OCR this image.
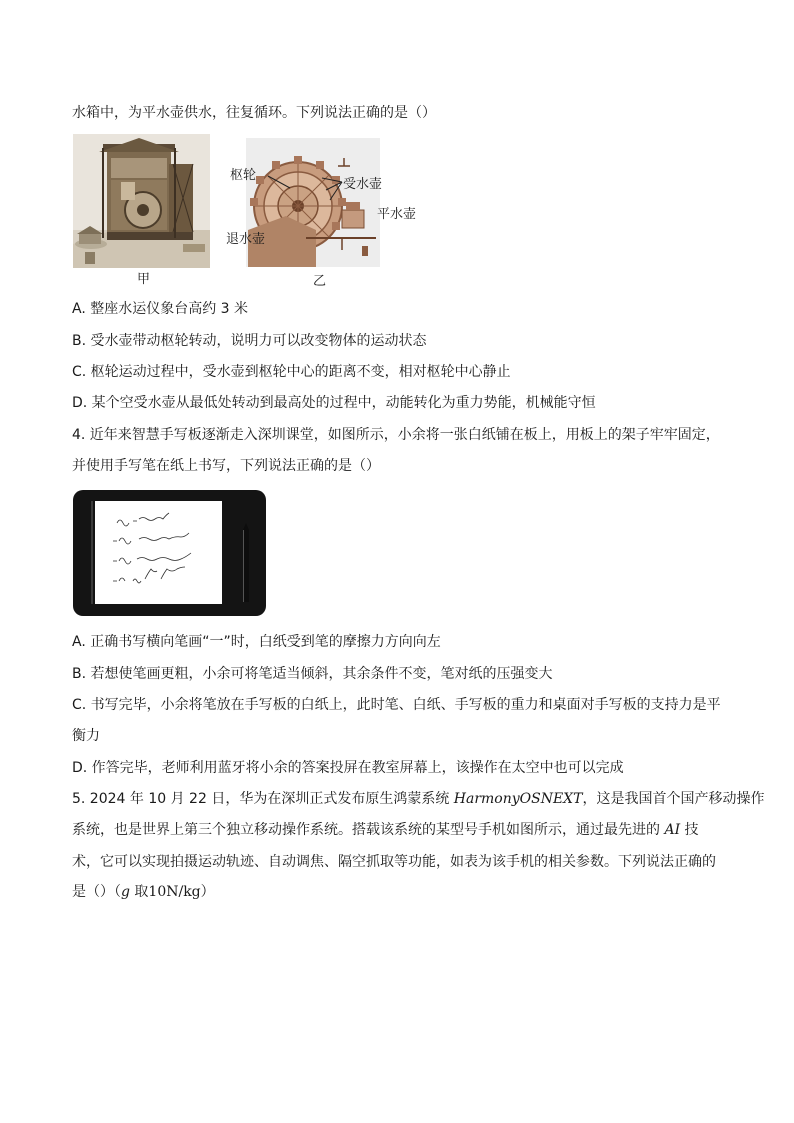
水箱中，为平水壶供水，往复循环。下列说法正确的是（）
甲
枢轮
受水壶
平水壶
退水壶
乙
A. 整座水运仪象台高约 3 米
B. 受水壶带动枢轮转动，说明力可以改变物体的运动状态
C. 枢轮运动过程中，受水壶到枢轮中心的距离不变，相对枢轮中心静止
D. 某个空受水壶从最低处转动到最高处的过程中，动能转化为重力势能，机械能守恒
4. 近年来智慧手写板逐渐走入深圳课堂，如图所示，小余将一张白纸铺在板上，用板上的架子牢牢固定，
并使用手写笔在纸上书写，下列说法正确的是（）
A. 正确书写横向笔画“一”时，白纸受到笔的摩擦力方向向左
B. 若想使笔画更粗，小余可将笔适当倾斜，其余条件不变，笔对纸的压强变大
C. 书写完毕，小余将笔放在手写板的白纸上，此时笔、白纸、手写板的重力和桌面对手写板的支持力是平
衡力
D. 作答完毕，老师利用蓝牙将小余的答案投屏在教室屏幕上，该操作在太空中也可以完成
5. 2024 年 10 月 22 日，华为在深圳正式发布原生鸿蒙系统 HarmonyOSNEXT，这是我国首个国产移动操作
系统，也是世界上第三个独立移动操作系统。搭载该系统的某型号手机如图所示，通过最先进的 AI 技
术，它可以实现拍摄运动轨迹、自动调焦、隔空抓取等功能，如表为该手机的相关参数。下列说法正确的
是（）（g 取10N/kg）
